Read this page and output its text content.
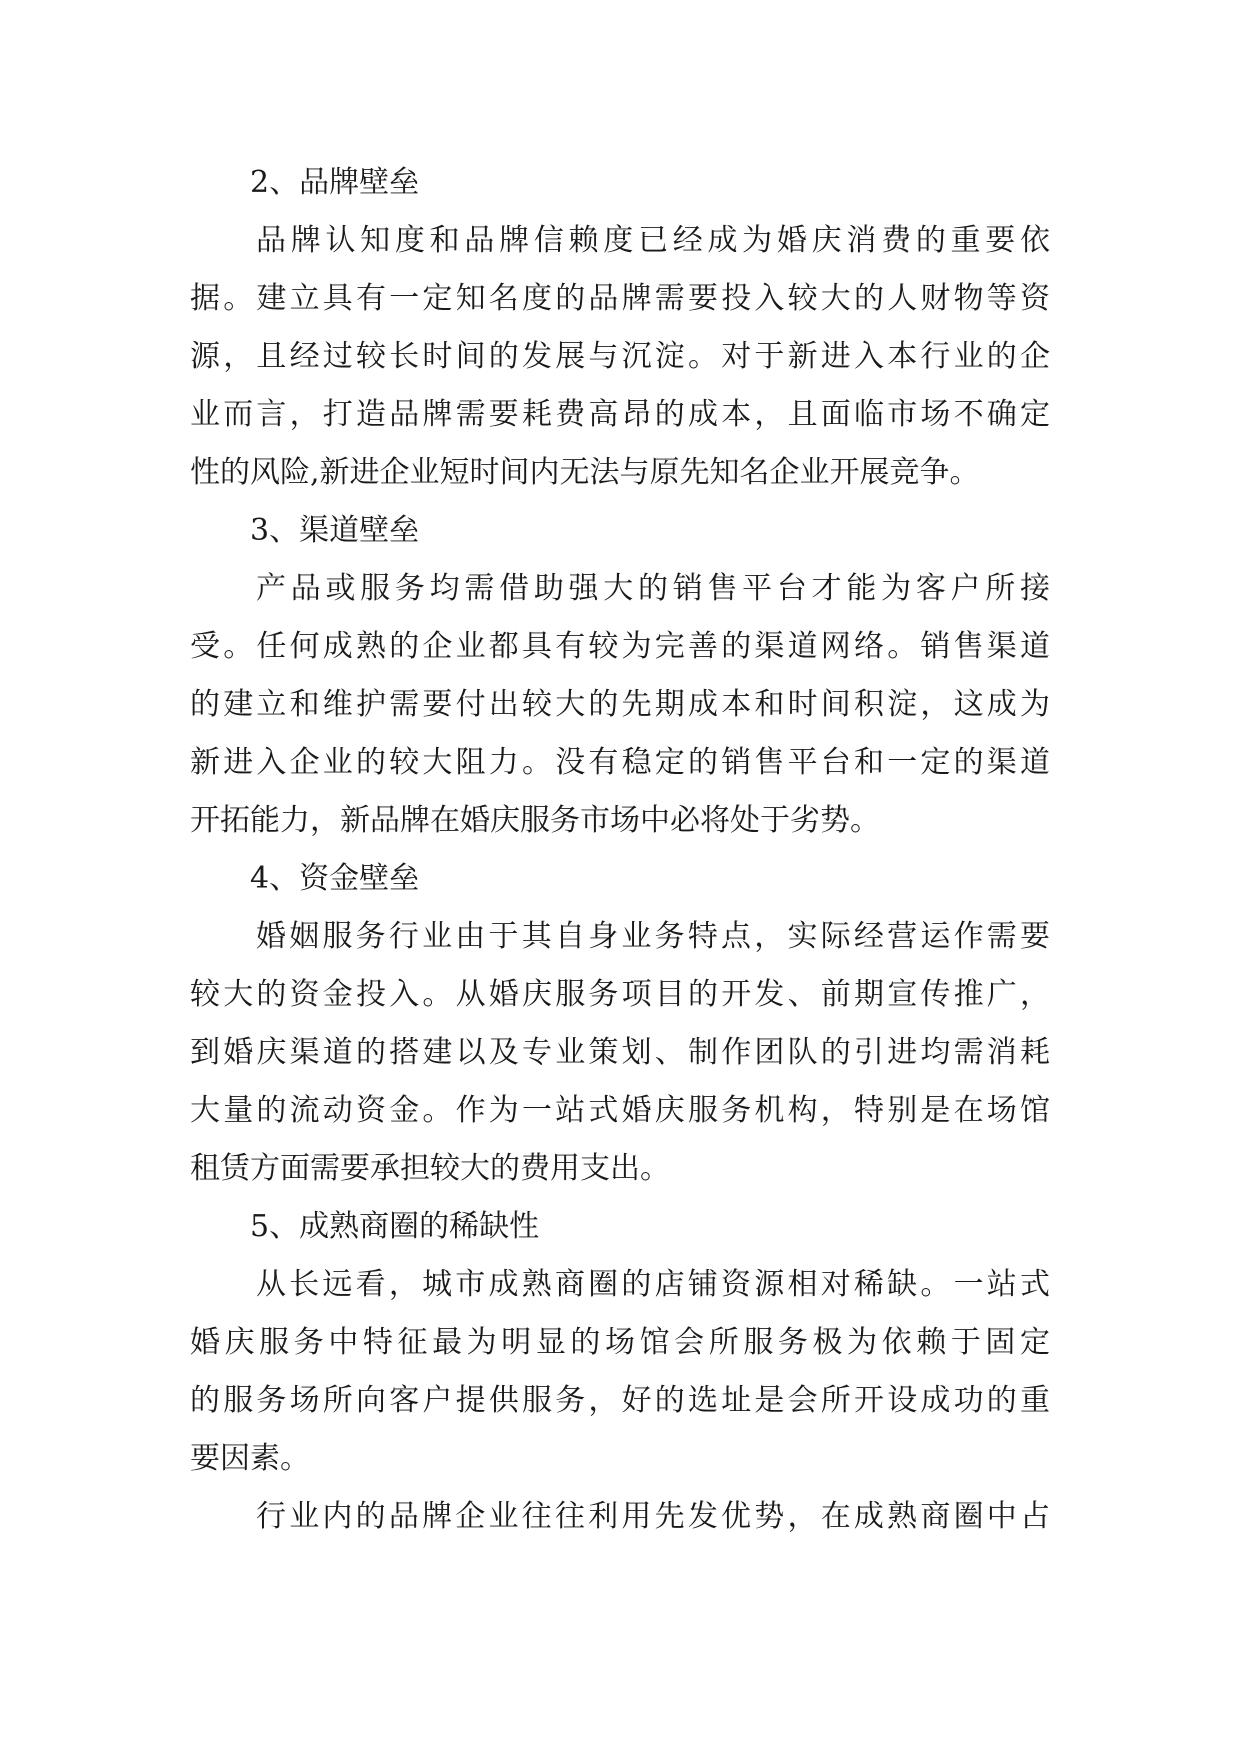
2、品牌壁垒
品牌认知度和品牌信赖度已经成为婚庆消费的重要依
据。建立具有一定知名度的品牌需要投入较大的人财物等资
源，且经过较长时间的发展与沉淀。对于新进入本行业的企
业而言，打造品牌需要耗费高昂的成本，且面临市场不确定
性的风险,新进企业短时间内无法与原先知名企业开展竞争。
3、渠道壁垒
产品或服务均需借助强大的销售平台才能为客户所接
受。任何成熟的企业都具有较为完善的渠道网络。销售渠道
的建立和维护需要付出较大的先期成本和时间积淀，这成为
新进入企业的较大阻力。没有稳定的销售平台和一定的渠道
开拓能力，新品牌在婚庆服务市场中必将处于劣势。
4、资金壁垒
婚姻服务行业由于其自身业务特点，实际经营运作需要
较大的资金投入。从婚庆服务项目的开发、前期宣传推广，
到婚庆渠道的搭建以及专业策划、制作团队的引进均需消耗
大量的流动资金。作为一站式婚庆服务机构，特别是在场馆
租赁方面需要承担较大的费用支出。
5、成熟商圈的稀缺性
从长远看，城市成熟商圈的店铺资源相对稀缺。一站式
婚庆服务中特征最为明显的场馆会所服务极为依赖于固定
的服务场所向客户提供服务，好的选址是会所开设成功的重
要因素。
行业内的品牌企业往往利用先发优势，在成熟商圈中占
